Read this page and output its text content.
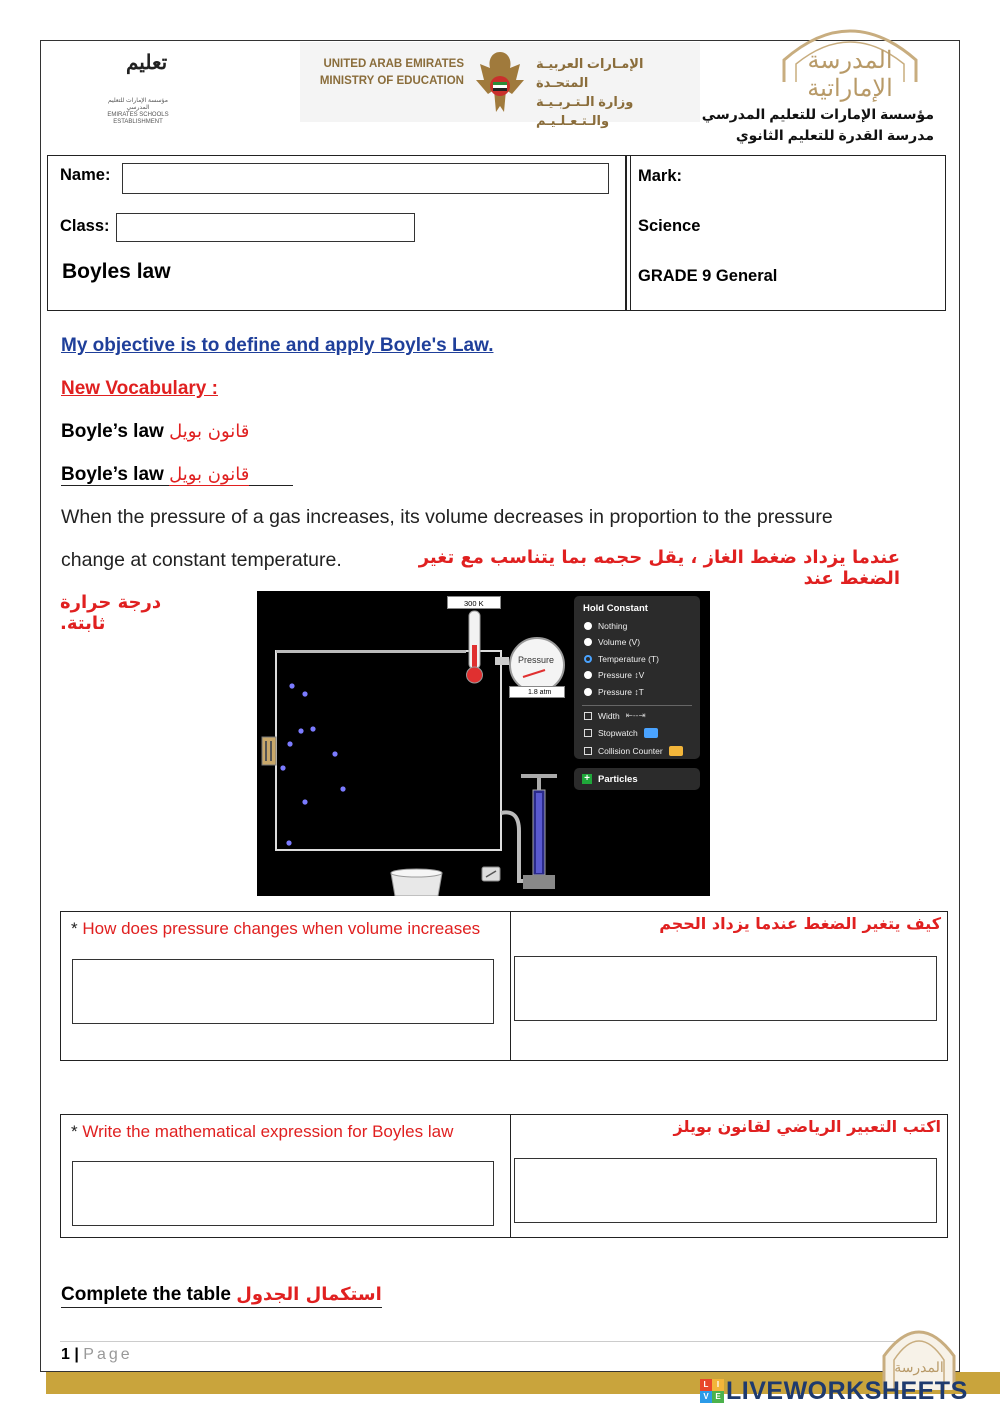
تعليم
مؤسسة الإمارات للتعليم المدرسي
EMIRATES SCHOOLS ESTABLISHMENT
UNITED ARAB EMIRATES
MINISTRY OF EDUCATION
الإمـارات العربيـة المتحـدة
وزارة الـتـربـيـة والـتـعـلـيـم
المدرسة الإماراتية
مؤسسة الإمارات للتعليم المدرسي
مدرسة القدرة للتعليم الثانوي
Name:
Class:
Boyles law
Mark:
Science
GRADE 9 General
My objective is to define and apply Boyle's Law.
New Vocabulary :
Boyle’s law قانون بويل
Boyle’s law قانون بويل
When the pressure of a gas increases, its volume decreases in proportion to the pressure
change at constant temperature.	عندما يزداد ضغط الغاز ، يقل حجمه بما يتناسب مع تغير الضغط عند
درجة حرارة ثابتة.
300 K
Pressure
1.8 atm
Hold Constant
Nothing
Volume (V)
Temperature (T)
Pressure ↕V
Pressure ↕T
Width ⇤--⇥
Stopwatch
Collision Counter
+ Particles
* How does pressure changes when volume increases	كيف يتغير الضغط عندما يزداد الحجم
* Write the mathematical expression for Boyles law	اكتب التعبير الرياضي لقانون بويلز
Complete the table استكمال الجدول
1 | Page
المدرسة
L	I
V E LIVEWORKSHEETS
